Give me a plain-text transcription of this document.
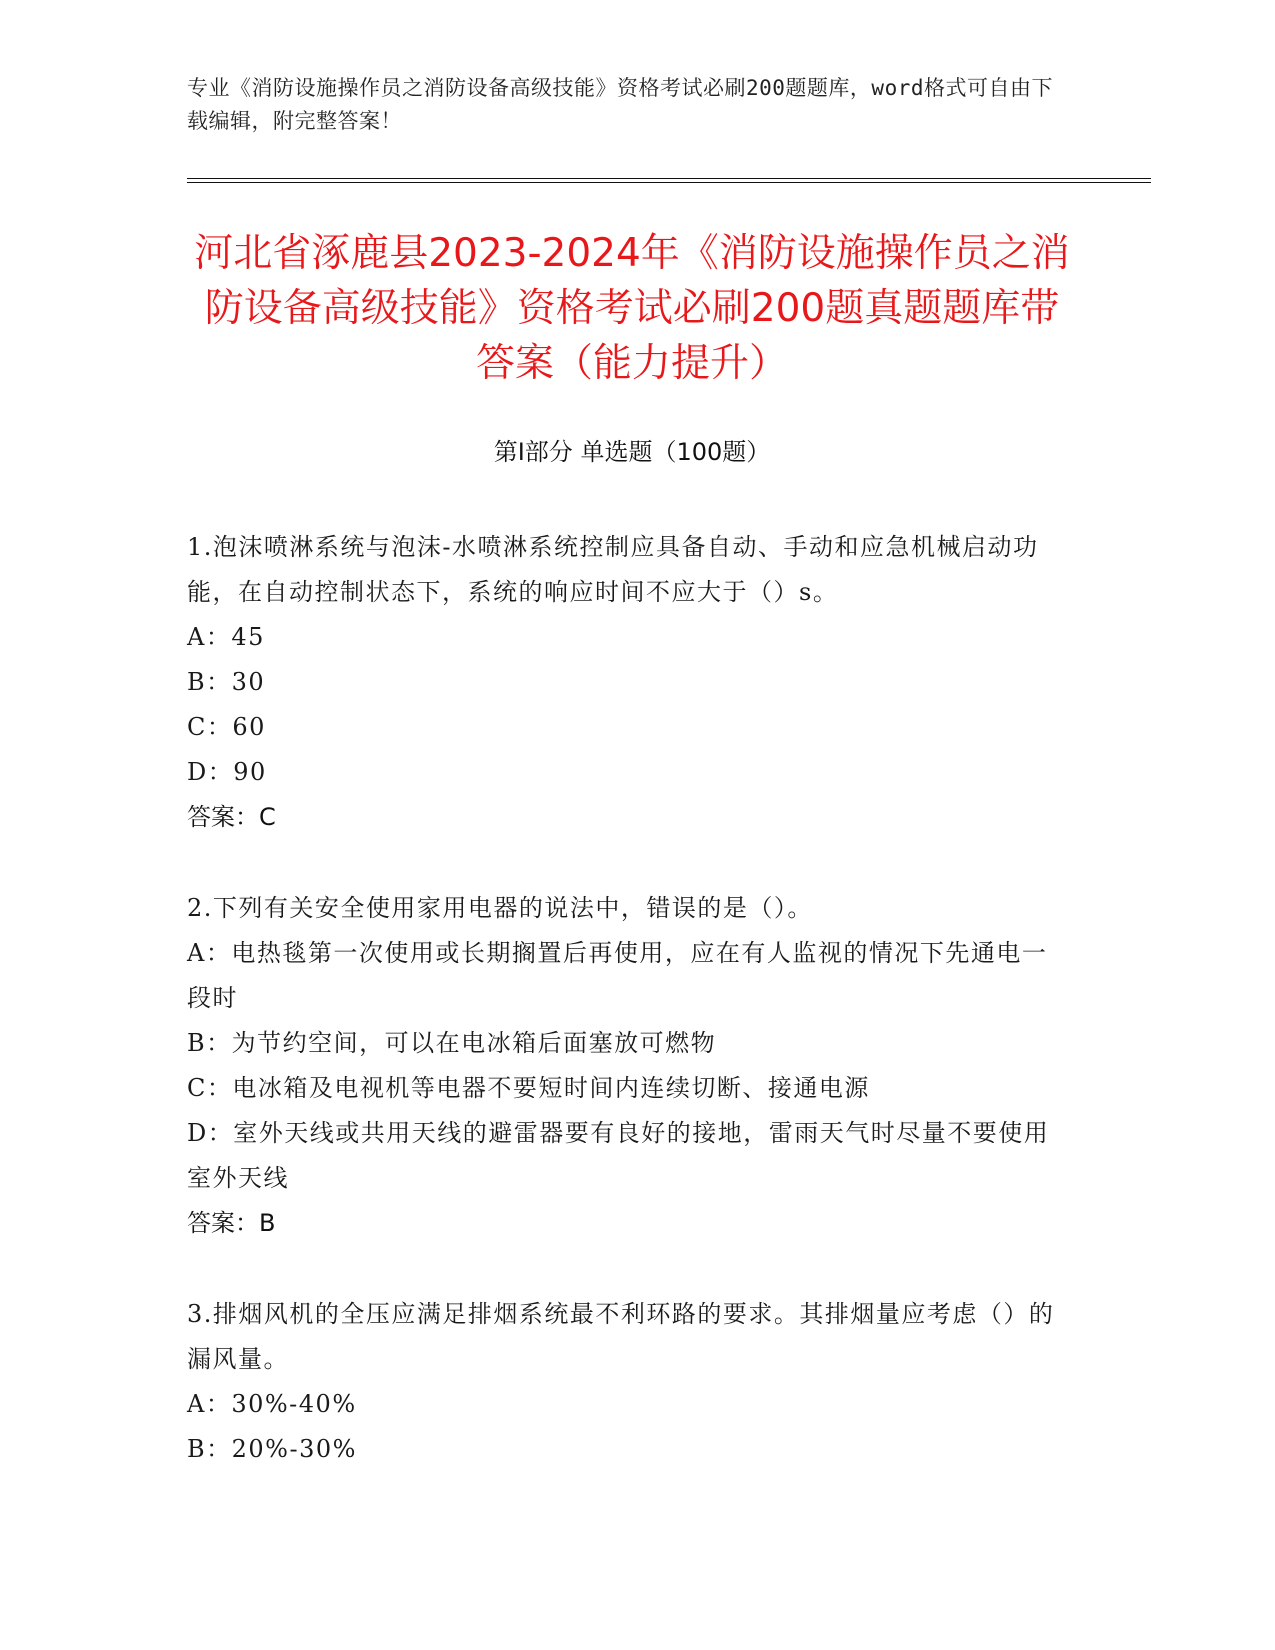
专业《消防设施操作员之消防设备高级技能》资格考试必刷200题题库，word格式可自由下载编辑，附完整答案！

河北省涿鹿县2023-2024年《消防设施操作员之消防设备高级技能》资格考试必刷200题真题题库带答案（能力提升）
第Ⅰ部分 单选题（100题）

1.泡沫喷淋系统与泡沫-水喷淋系统控制应具备自动、手动和应急机械启动功能，在自动控制状态下，系统的响应时间不应大于（）s。

A：45

B：30

C：60

D：90

答案：C

2.下列有关安全使用家用电器的说法中，错误的是（）。

A：电热毯第一次使用或长期搁置后再使用，应在有人监视的情况下先通电一段时

B：为节约空间，可以在电冰箱后面塞放可燃物

C：电冰箱及电视机等电器不要短时间内连续切断、接通电源

D：室外天线或共用天线的避雷器要有良好的接地，雷雨天气时尽量不要使用室外天线

答案：B

3.排烟风机的全压应满足排烟系统最不利环路的要求。其排烟量应考虑（）的漏风量。

A：30%-40%

B：20%-30%
